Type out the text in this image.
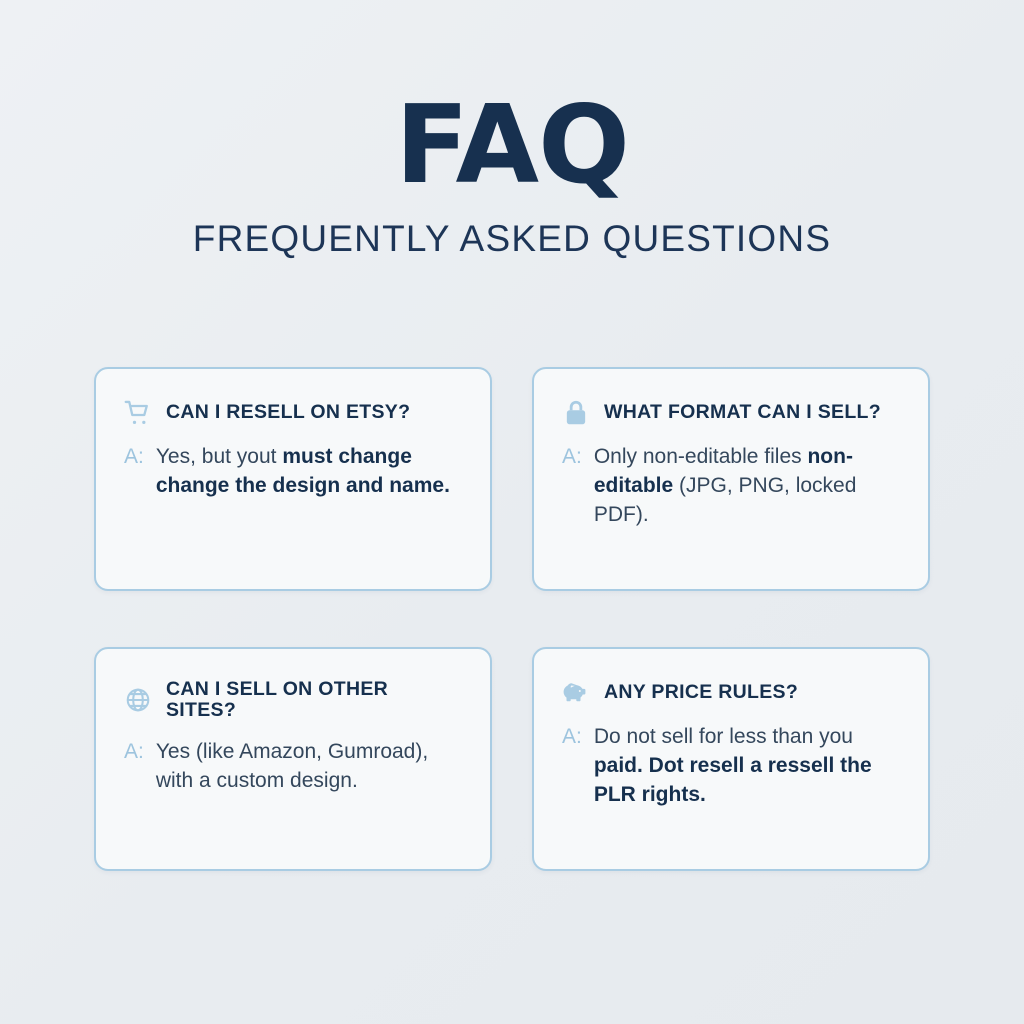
FAQ
FREQUENTLY ASKED QUESTIONS
CAN I RESELL ON ETSY?
A: Yes, but yout must change change the design and name.
WHAT FORMAT CAN I SELL?
A: Only non-editable files non-editable (JPG, PNG, locked PDF).
CAN I SELL ON OTHER SITES?
A: Yes (like Amazon, Gumroad), with a custom design.
ANY PRICE RULES?
A: Do not sell for less than you paid. Dot resell a ressell the PLR rights.
